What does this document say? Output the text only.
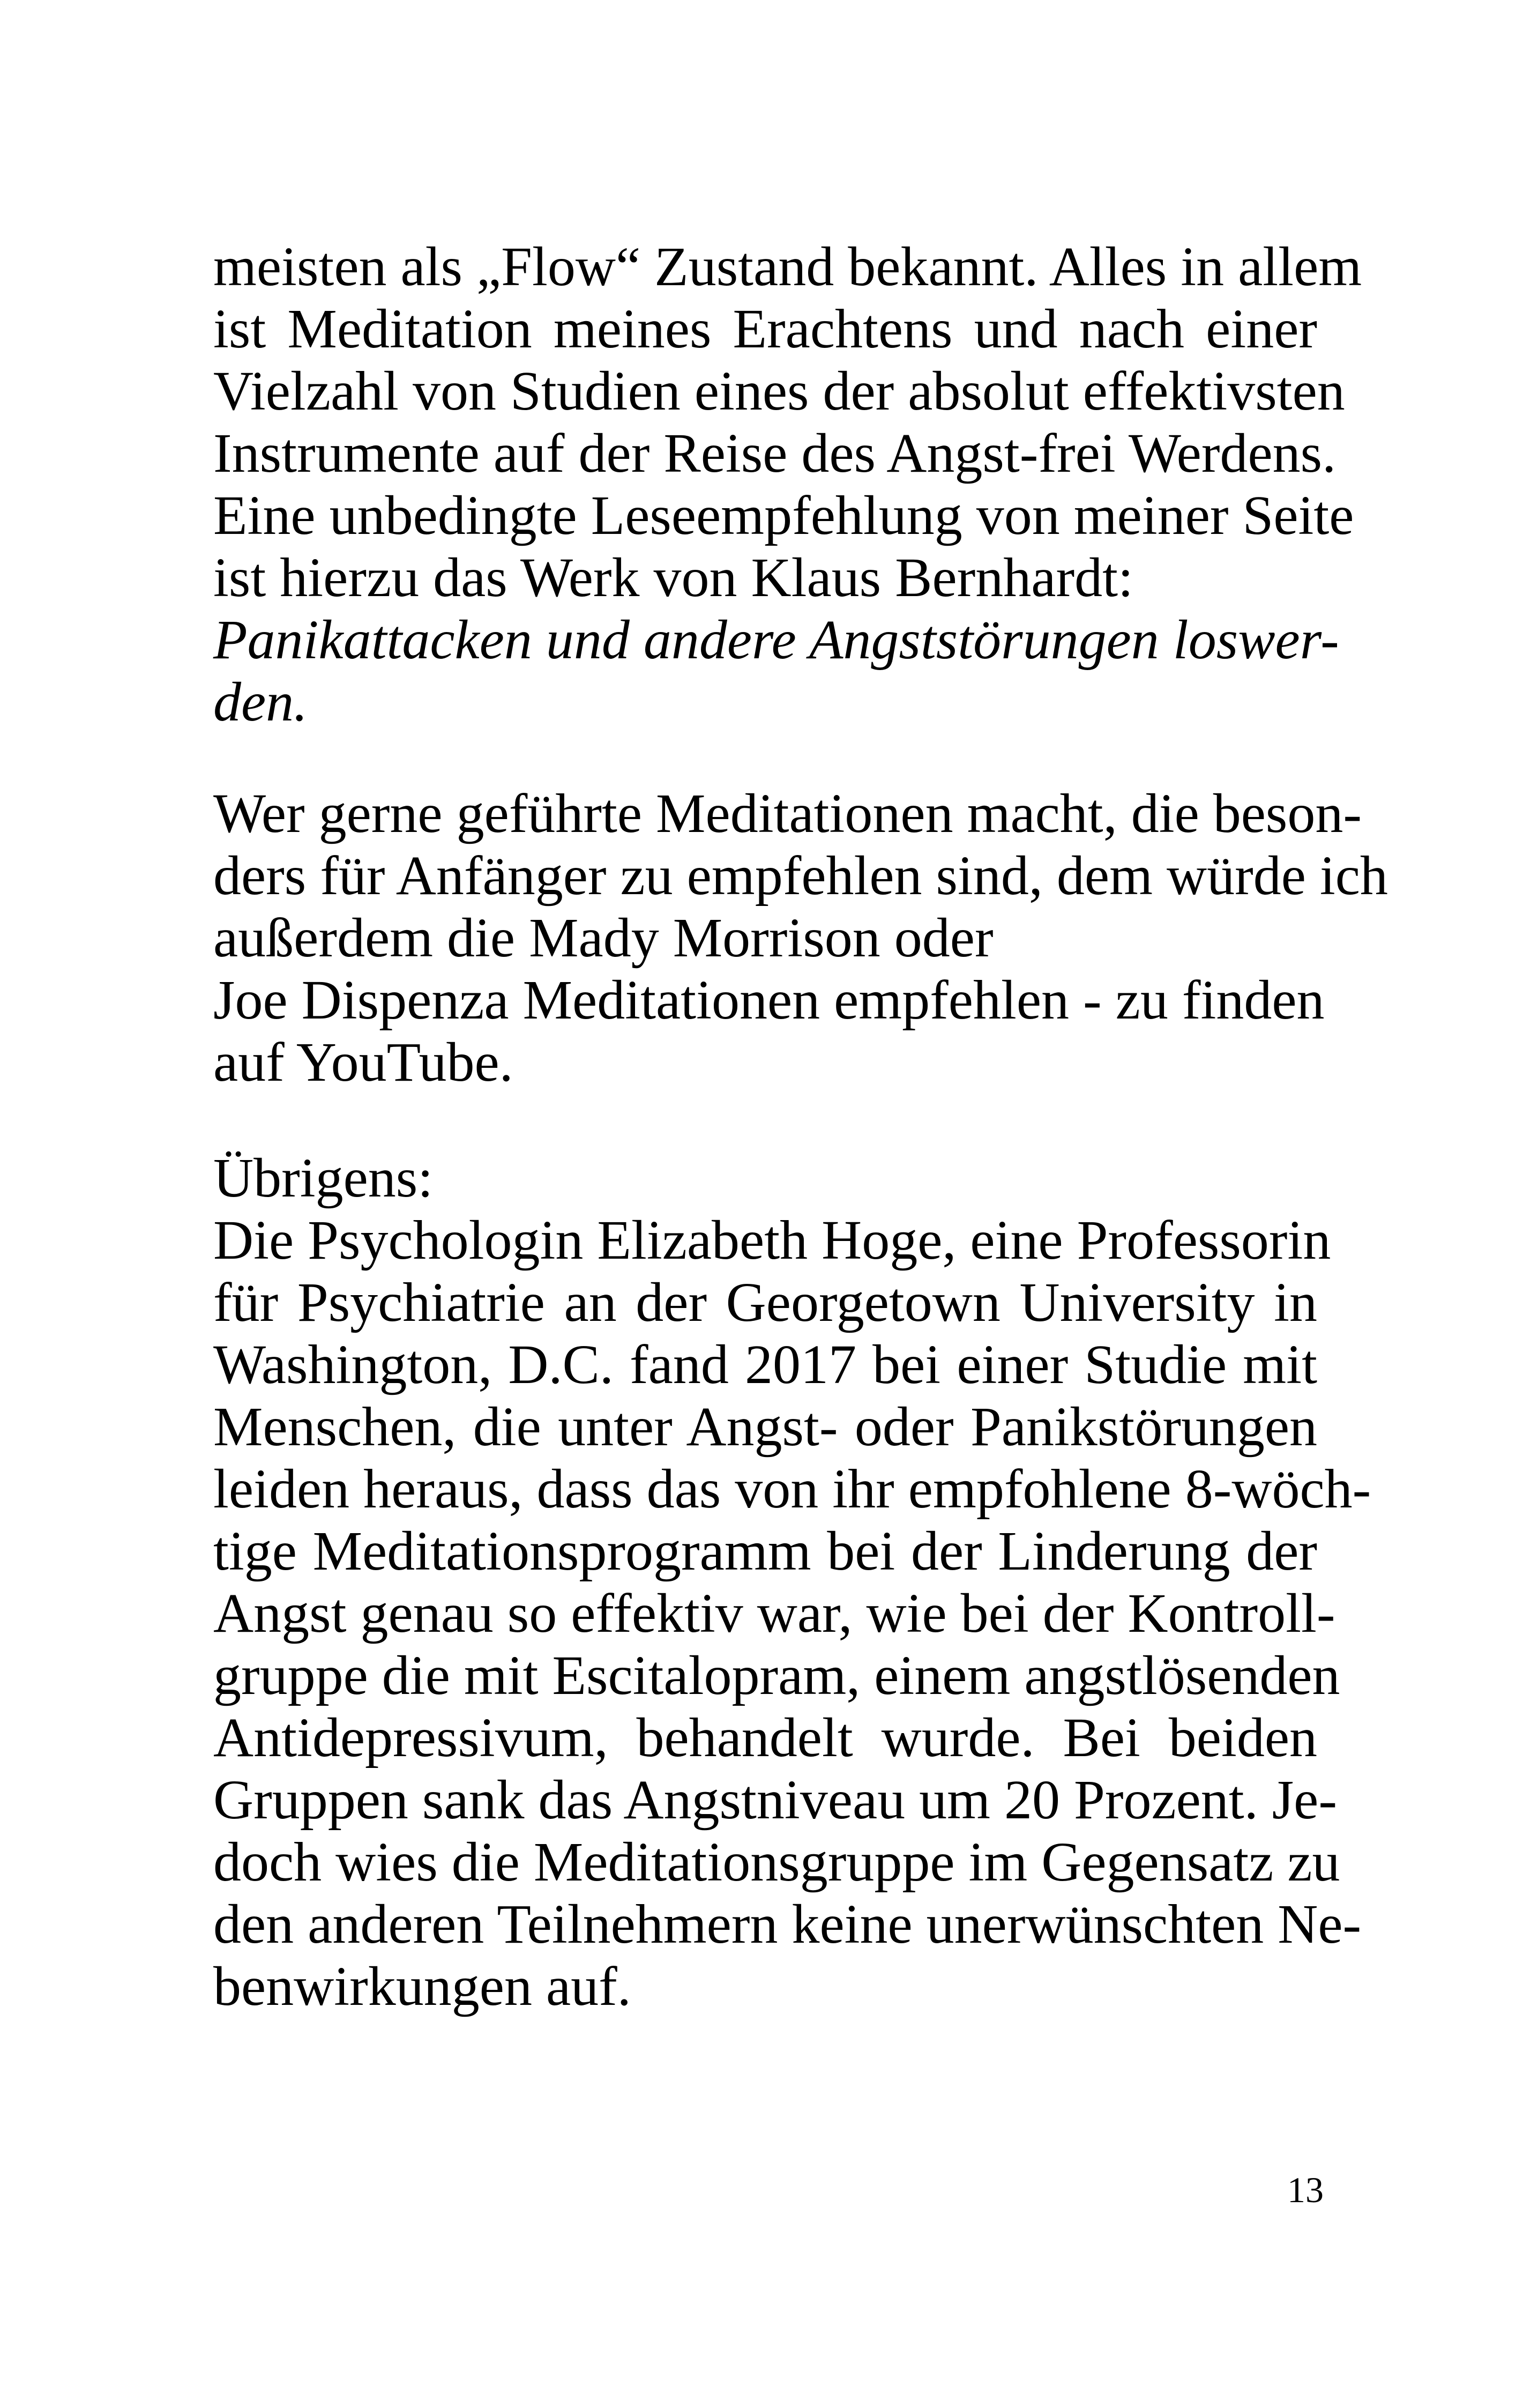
meisten als „Flow“ Zustand bekannt. Alles in allem
ist Meditation meines Erachtens und nach einer
Vielzahl von Studien eines der absolut effektivsten
Instrumente auf der Reise des Angst-frei Werdens.
Eine unbedingte Leseempfehlung von meiner Seite
ist hierzu das Werk von Klaus Bernhardt:
Panikattacken und andere Angststörungen loswer-
den.
Wer gerne geführte Meditationen macht, die beson-
ders für Anfänger zu empfehlen sind, dem würde ich
außerdem die Mady Morrison oder
Joe Dispenza Meditationen empfehlen - zu finden
auf YouTube.
Übrigens:
Die Psychologin Elizabeth Hoge, eine Professorin
für Psychiatrie an der Georgetown University in
Washington, D.C. fand 2017 bei einer Studie mit
Menschen, die unter Angst- oder Panikstörungen
leiden heraus, dass das von ihr empfohlene 8-wöch-
tige Meditationsprogramm bei der Linderung der
Angst genau so effektiv war, wie bei der Kontroll-
gruppe die mit Escitalopram, einem angstlösenden
Antidepressivum, behandelt wurde. Bei beiden
Gruppen sank das Angstniveau um 20 Prozent. Je-
doch wies die Meditationsgruppe im Gegensatz zu
den anderen Teilnehmern keine unerwünschten Ne-
benwirkungen auf.
13
